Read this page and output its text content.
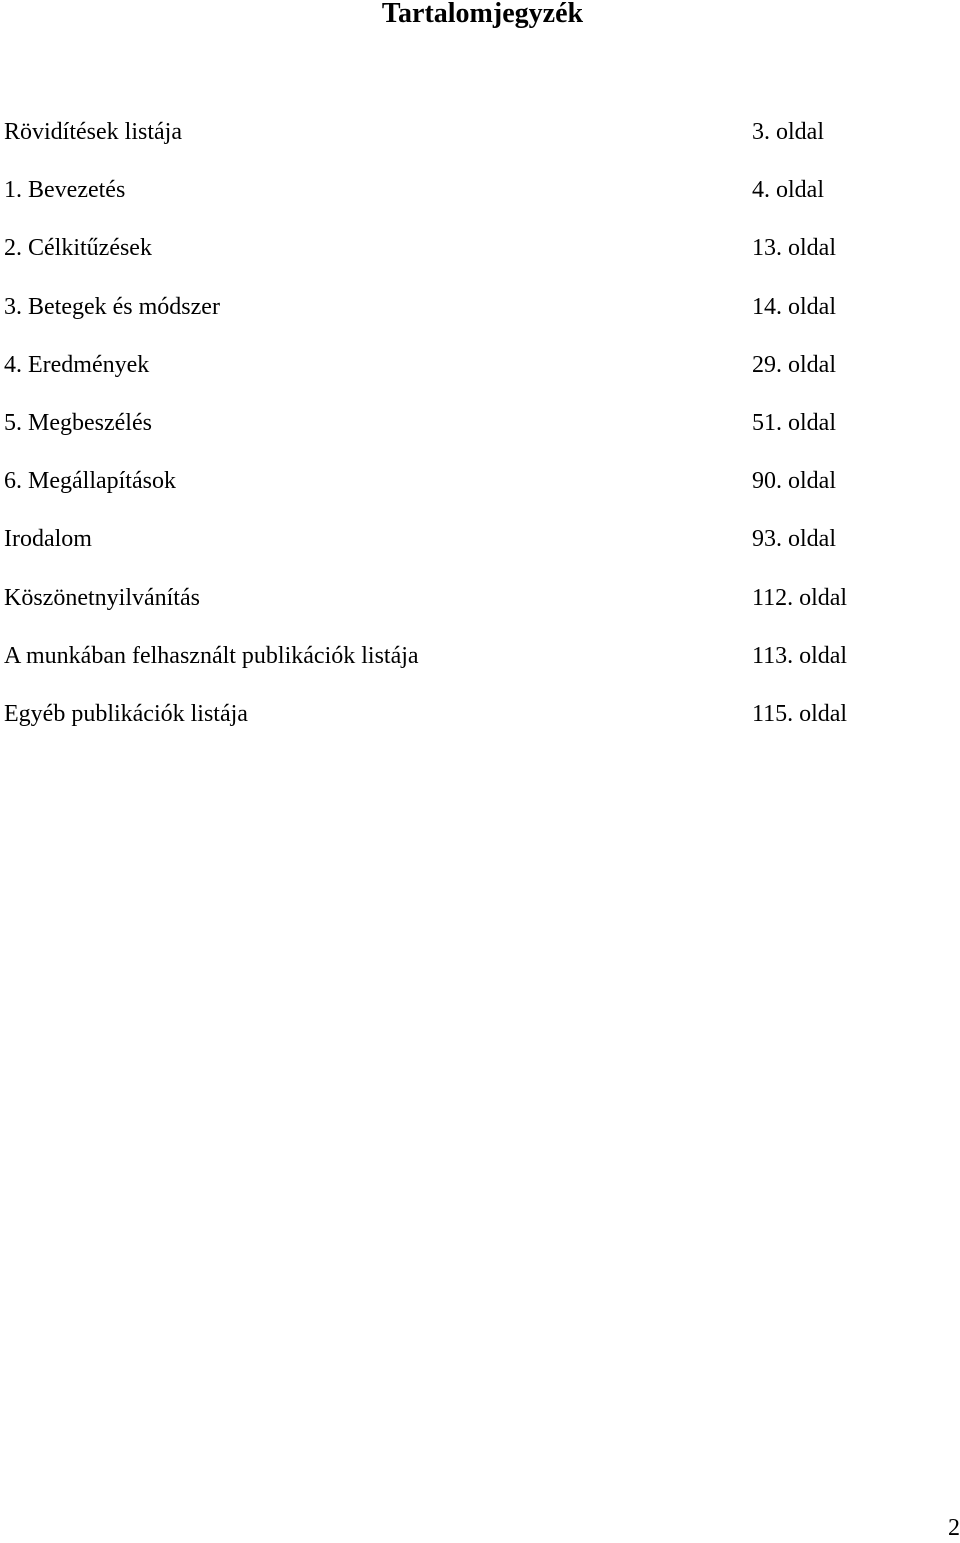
Tartalomjegyzék
Rövidítések listája	3. oldal
1. Bevezetés	4. oldal
2. Célkitűzések	13. oldal
3. Betegek és módszer	14. oldal
4. Eredmények	29. oldal
5. Megbeszélés	51. oldal
6. Megállapítások	90. oldal
Irodalom	93. oldal
Köszönetnyilvánítás	112. oldal
A munkában felhasznált publikációk listája	113. oldal
Egyéb publikációk listája	115. oldal
2
